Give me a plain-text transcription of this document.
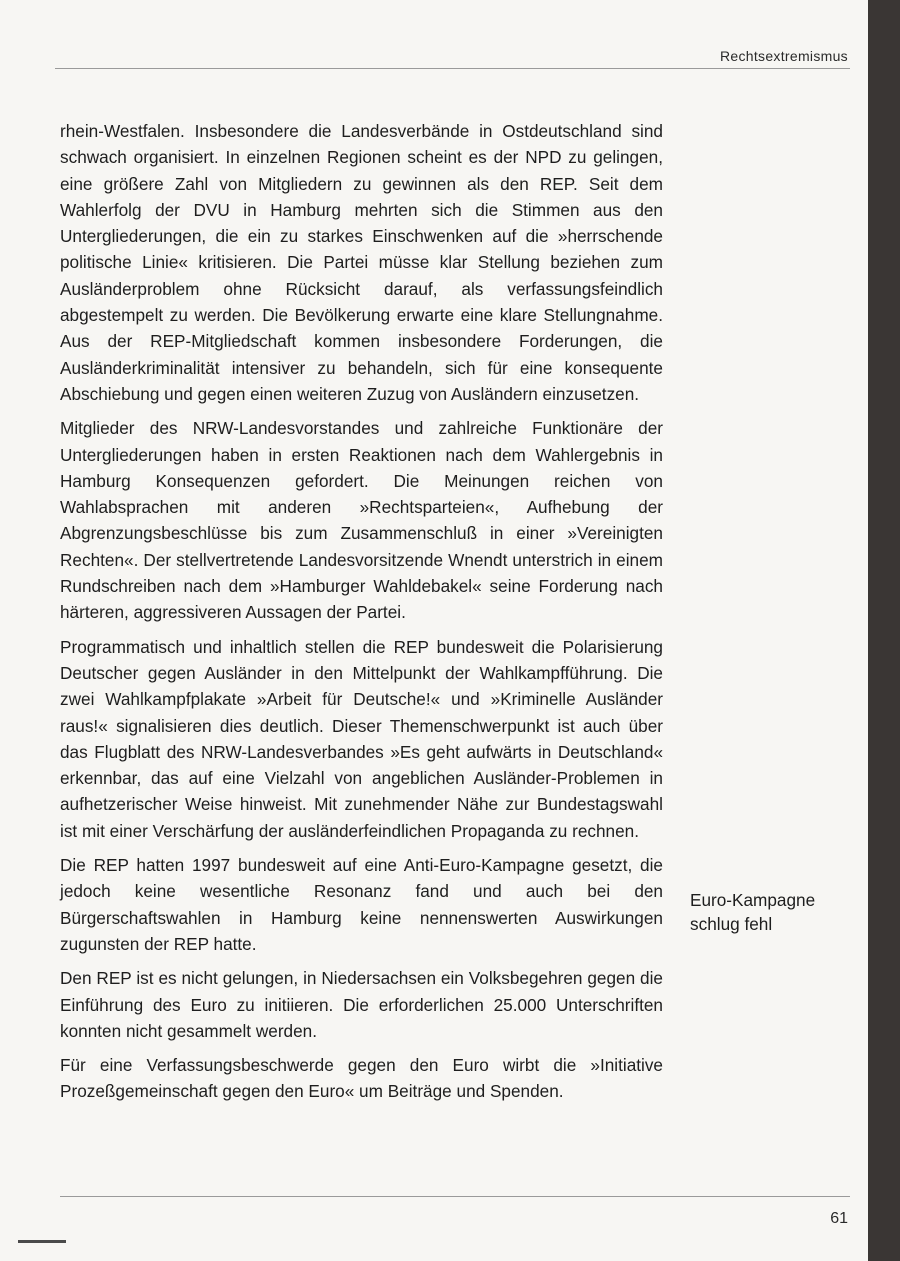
Rechtsextremismus

rhein-Westfalen. Insbesondere die Landesverbände in Ostdeutschland sind schwach organisiert. In einzelnen Regionen scheint es der NPD zu gelingen, eine größere Zahl von Mitgliedern zu gewinnen als den REP. Seit dem Wahlerfolg der DVU in Hamburg mehrten sich die Stimmen aus den Untergliederungen, die ein zu starkes Einschwenken auf die »herrschende politische Linie« kritisieren. Die Partei müsse klar Stellung beziehen zum Ausländerproblem ohne Rücksicht darauf, als verfassungsfeindlich abgestempelt zu werden. Die Bevölkerung erwarte eine klare Stellungnahme. Aus der REP-Mitgliedschaft kommen insbesondere Forderungen, die Ausländerkriminalität intensiver zu behandeln, sich für eine konsequente Abschiebung und gegen einen weiteren Zuzug von Ausländern einzusetzen.

Mitglieder des NRW-Landesvorstandes und zahlreiche Funktionäre der Untergliederungen haben in ersten Reaktionen nach dem Wahlergebnis in Hamburg Konsequenzen gefordert. Die Meinungen reichen von Wahlabsprachen mit anderen »Rechtsparteien«, Aufhebung der Abgrenzungsbeschlüsse bis zum Zusammenschluß in einer »Vereinigten Rechten«. Der stellvertretende Landesvorsitzende Wnendt unterstrich in einem Rundschreiben nach dem »Hamburger Wahldebakel« seine Forderung nach härteren, aggressiveren Aussagen der Partei.

Programmatisch und inhaltlich stellen die REP bundesweit die Polarisierung Deutscher gegen Ausländer in den Mittelpunkt der Wahlkampfführung. Die zwei Wahlkampfplakate »Arbeit für Deutsche!« und »Kriminelle Ausländer raus!« signalisieren dies deutlich. Dieser Themenschwerpunkt ist auch über das Flugblatt des NRW-Landesverbandes »Es geht aufwärts in Deutschland« erkennbar, das auf eine Vielzahl von angeblichen Ausländer-Problemen in aufhetzerischer Weise hinweist. Mit zunehmender Nähe zur Bundestagswahl ist mit einer Verschärfung der ausländerfeindlichen Propaganda zu rechnen.

Die REP hatten 1997 bundesweit auf eine Anti-Euro-Kampagne gesetzt, die jedoch keine wesentliche Resonanz fand und auch bei den Bürgerschaftswahlen in Hamburg keine nennenswerten Auswirkungen zugunsten der REP hatte.

Den REP ist es nicht gelungen, in Niedersachsen ein Volksbegehren gegen die Einführung des Euro zu initiieren. Die erforderlichen 25.000 Unterschriften konnten nicht gesammelt werden.

Für eine Verfassungsbeschwerde gegen den Euro wirbt die »Initiative Prozeßgemeinschaft gegen den Euro« um Beiträge und Spenden.

Euro-Kampagne
schlug fehl
61
